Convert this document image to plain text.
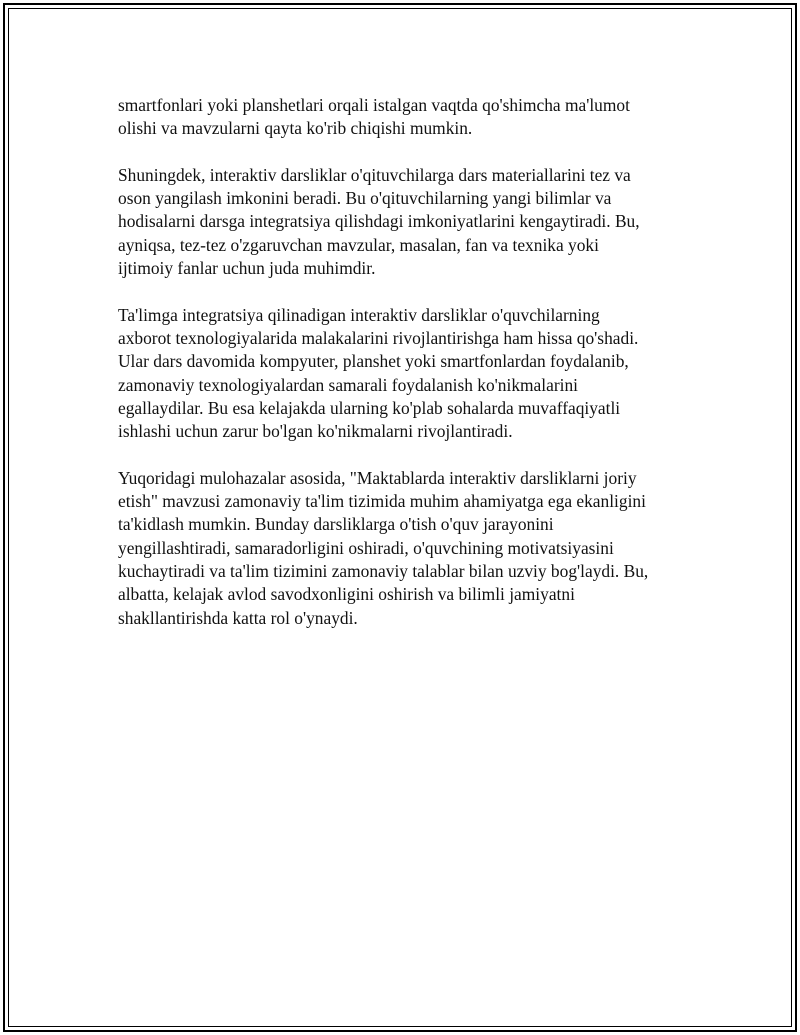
smartfonlari yoki planshetlari orqali istalgan vaqtda qo'shimcha ma'lumot
olishi va mavzularni qayta ko'rib chiqishi mumkin.

Shuningdek, interaktiv darsliklar o'qituvchilarga dars materiallarini tez va
oson yangilash imkonini beradi. Bu o'qituvchilarning yangi bilimlar va
hodisalarni darsga integratsiya qilishdagi imkoniyatlarini kengaytiradi. Bu,
ayniqsa, tez-tez o'zgaruvchan mavzular, masalan, fan va texnika yoki
ijtimoiy fanlar uchun juda muhimdir.

Ta'limga integratsiya qilinadigan interaktiv darsliklar o'quvchilarning
axborot texnologiyalarida malakalarini rivojlantirishga ham hissa qo'shadi.
Ular dars davomida kompyuter, planshet yoki smartfonlardan foydalanib,
zamonaviy texnologiyalardan samarali foydalanish ko'nikmalarini
egallaydilar. Bu esa kelajakda ularning ko'plab sohalarda muvaffaqiyatli
ishlashi uchun zarur bo'lgan ko'nikmalarni rivojlantiradi.

Yuqoridagi mulohazalar asosida, "Maktablarda interaktiv darsliklarni joriy
etish" mavzusi zamonaviy ta'lim tizimida muhim ahamiyatga ega ekanligini
ta'kidlash mumkin. Bunday darsliklarga o'tish o'quv jarayonini
yengillashtiradi, samaradorligini oshiradi, o'quvchining motivatsiyasini
kuchaytiradi va ta'lim tizimini zamonaviy talablar bilan uzviy bog'laydi. Bu,
albatta, kelajak avlod savodxonligini oshirish va bilimli jamiyatni
shakllantirishda katta rol o'ynaydi.
